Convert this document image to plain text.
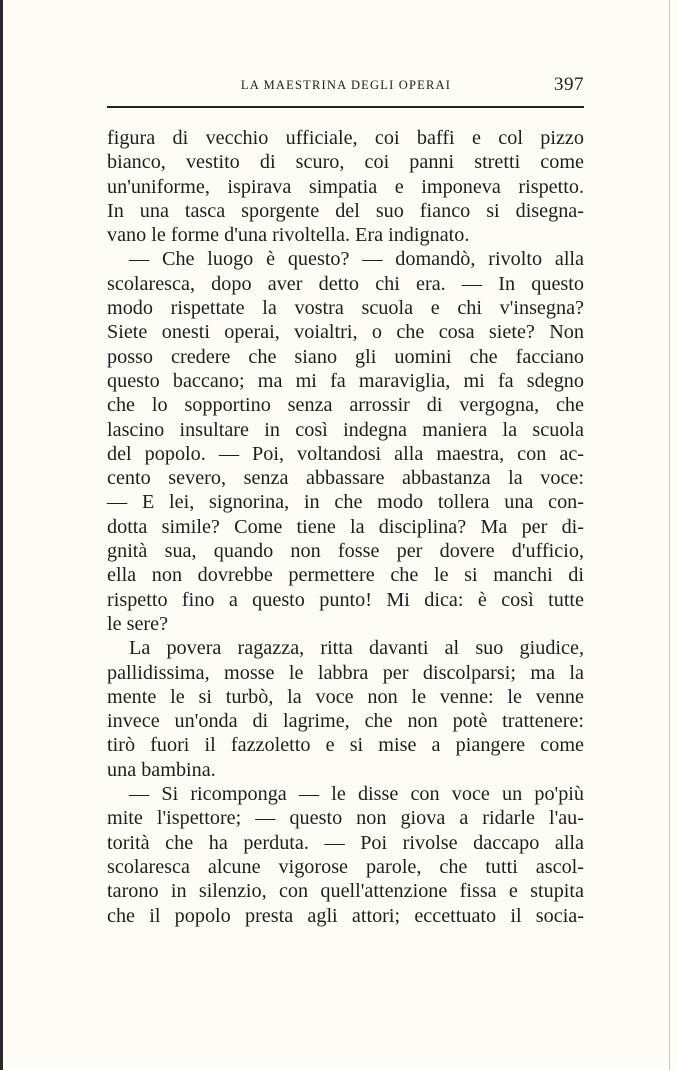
LA MAESTRINA DEGLI OPERAI	397
figura di vecchio ufficiale, coi baffi e col pizzo
bianco, vestito di scuro, coi panni stretti come
un'uniforme, ispirava simpatia e imponeva rispetto.
In una tasca sporgente del suo fianco si disegna-
vano le forme d'una rivoltella. Era indignato.
— Che luogo è questo? — domandò, rivolto alla
scolaresca, dopo aver detto chi era. — In questo
modo rispettate la vostra scuola e chi v'insegna?
Siete onesti operai, voialtri, o che cosa siete? Non
posso credere che siano gli uomini che facciano
questo baccano; ma mi fa maraviglia, mi fa sdegno
che lo sopportino senza arrossir di vergogna, che
lascino insultare in così indegna maniera la scuola
del popolo. — Poi, voltandosi alla maestra, con ac-
cento severo, senza abbassare abbastanza la voce:
— E lei, signorina, in che modo tollera una con-
dotta simile? Come tiene la disciplina? Ma per di-
gnità sua, quando non fosse per dovere d'ufficio,
ella non dovrebbe permettere che le si manchi di
rispetto fino a questo punto! Mi dica: è così tutte
le sere?
La povera ragazza, ritta davanti al suo giudice,
pallidissima, mosse le labbra per discolparsi; ma la
mente le si turbò, la voce non le venne: le venne
invece un'onda di lagrime, che non potè trattenere:
tirò fuori il fazzoletto e si mise a piangere come
una bambina.
— Si ricomponga — le disse con voce un po'più
mite l'ispettore; — questo non giova a ridarle l'au-
torità che ha perduta. — Poi rivolse daccapo alla
scolaresca alcune vigorose parole, che tutti ascol-
tarono in silenzio, con quell'attenzione fissa e stupita
che il popolo presta agli attori; eccettuato il socia-
